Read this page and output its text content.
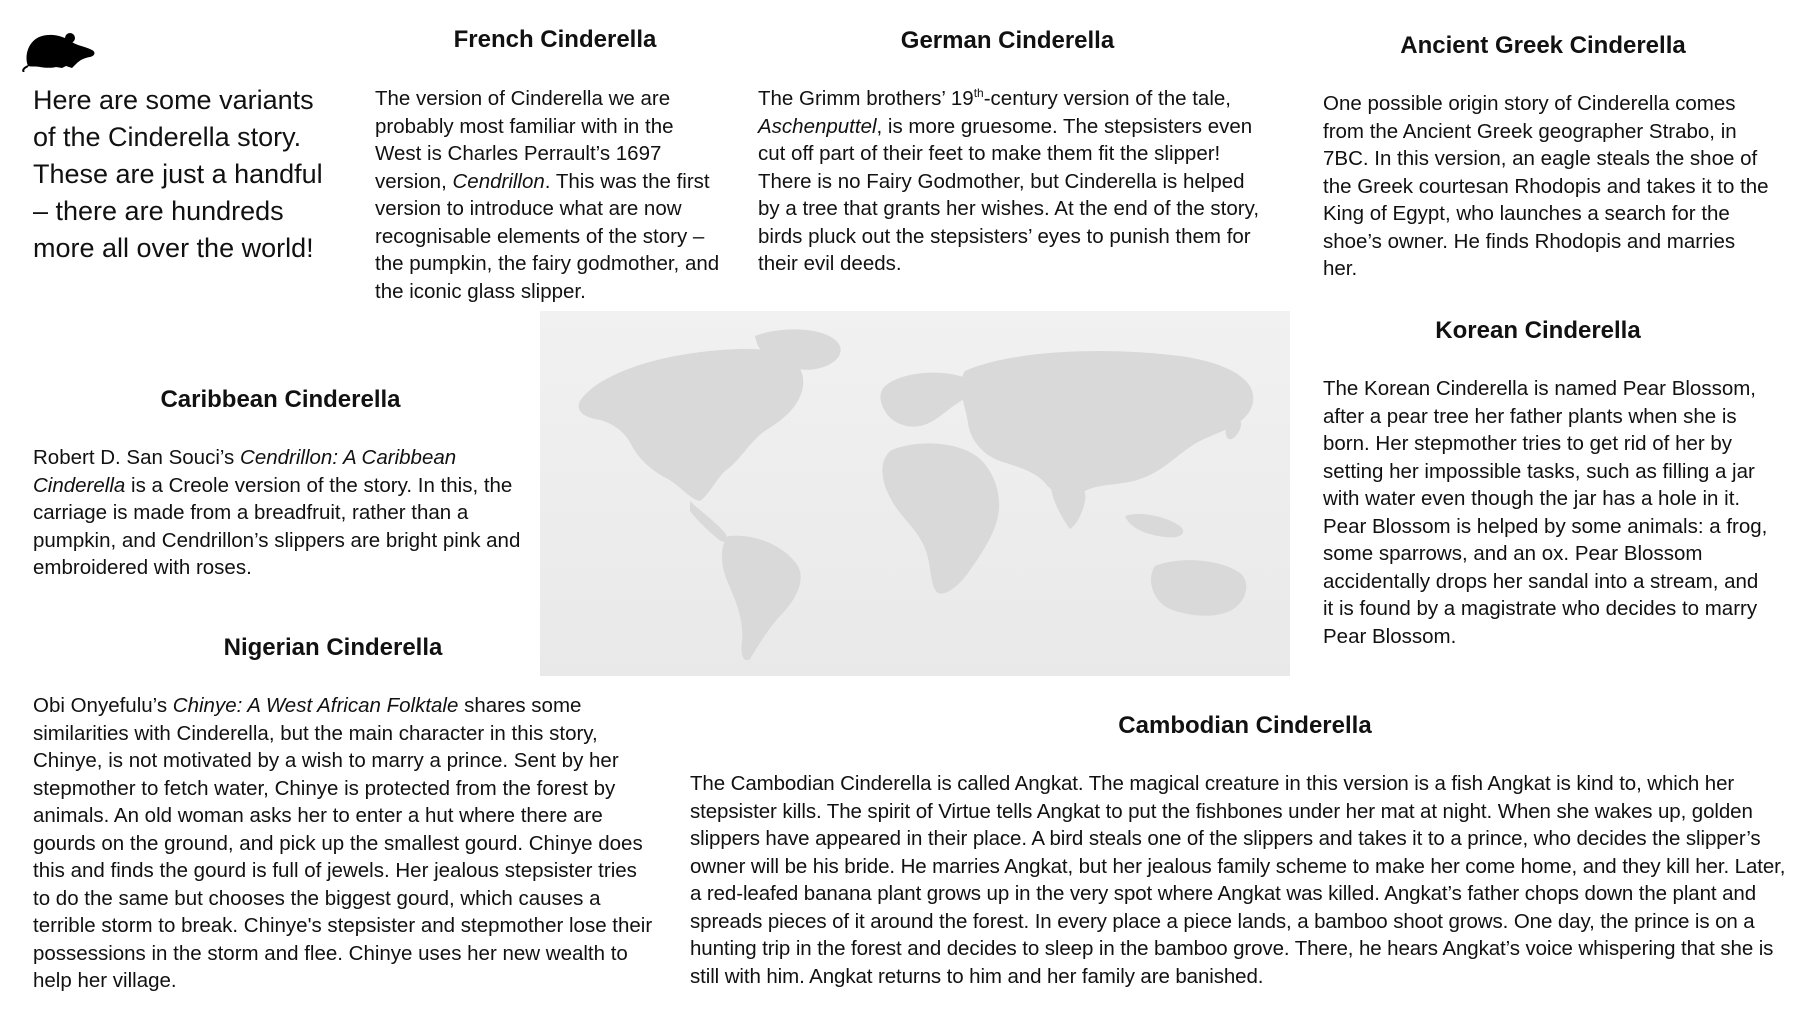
Here are some variants of the Cinderella story. These are just a handful – there are hundreds more all over the world!
French Cinderella

The version of Cinderella we are probably most familiar with in the West is Charles Perrault’s 1697 version, Cendrillon. This was the first version to introduce what are now recognisable elements of the story – the pumpkin, the fairy godmother, and the iconic glass slipper.

German Cinderella

The Grimm brothers’ 19th-century version of the tale, Aschenputtel, is more gruesome. The stepsisters even cut off part of their feet to make them fit the slipper! There is no Fairy Godmother, but Cinderella is helped by a tree that grants her wishes. At the end of the story, birds pluck out the stepsisters’ eyes to punish them for their evil deeds.

Ancient Greek Cinderella

One possible origin story of Cinderella comes from the Ancient Greek geographer Strabo, in 7BC. In this version, an eagle steals the shoe of the Greek courtesan Rhodopis and takes it to the King of Egypt, who launches a search for the shoe’s owner. He finds Rhodopis and marries her.

Korean Cinderella

The Korean Cinderella is named Pear Blossom, after a pear tree her father plants when she is born. Her stepmother tries to get rid of her by setting her impossible tasks, such as filling a jar with water even though the jar has a hole in it. Pear Blossom is helped by some animals: a frog, some sparrows, and an ox. Pear Blossom accidentally drops her sandal into a stream, and it is found by a magistrate who decides to marry Pear Blossom.

Caribbean Cinderella

Robert D. San Souci’s Cendrillon: A Caribbean Cinderella is a Creole version of the story. In this, the carriage is made from a breadfruit, rather than a pumpkin, and Cendrillon’s slippers are bright pink and embroidered with roses.

Nigerian Cinderella

Obi Onyefulu’s Chinye: A West African Folktale shares some similarities with Cinderella, but the main character in this story, Chinye, is not motivated by a wish to marry a prince. Sent by her stepmother to fetch water, Chinye is protected from the forest by animals. An old woman asks her to enter a hut where there are gourds on the ground, and pick up the smallest gourd. Chinye does this and finds the gourd is full of jewels. Her jealous stepsister tries to do the same but chooses the biggest gourd, which causes a terrible storm to break. Chinye's stepsister and stepmother lose their possessions in the storm and flee. Chinye uses her new wealth to help her village.

Cambodian Cinderella

The Cambodian Cinderella is called Angkat. The magical creature in this version is a fish Angkat is kind to, which her stepsister kills. The spirit of Virtue tells Angkat to put the fishbones under her mat at night. When she wakes up, golden slippers have appeared in their place. A bird steals one of the slippers and takes it to a prince, who decides the slipper’s owner will be his bride. He marries Angkat, but her jealous family scheme to make her come home, and they kill her. Later, a red-leafed banana plant grows up in the very spot where Angkat was killed. Angkat’s father chops down the plant and spreads pieces of it around the forest. In every place a piece lands, a bamboo shoot grows. One day, the prince is on a hunting trip in the forest and decides to sleep in the bamboo grove. There, he hears Angkat’s voice whispering that she is still with him. Angkat returns to him and her family are banished.
